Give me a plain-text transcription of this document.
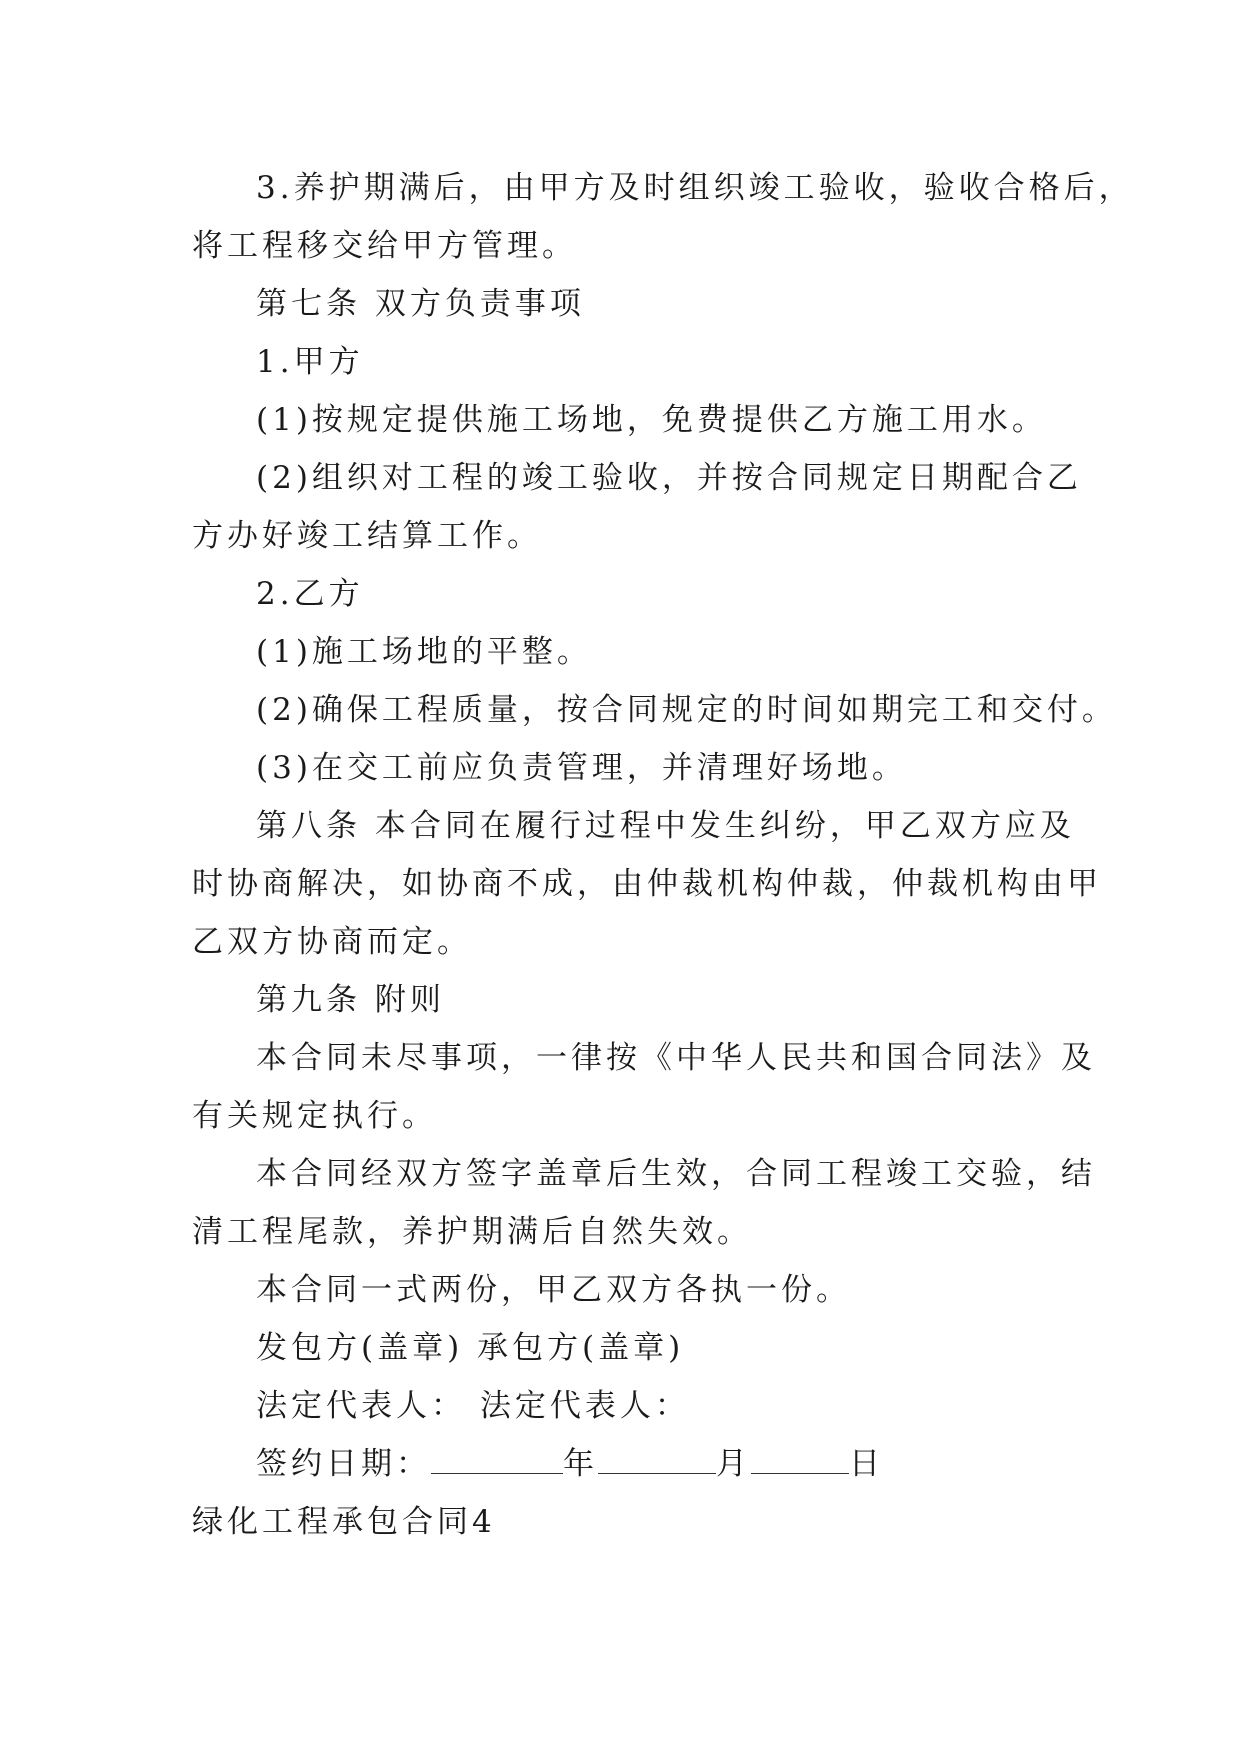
3.养护期满后，由甲方及时组织竣工验收，验收合格后，
将工程移交给甲方管理。
第七条 双方负责事项
1.甲方
(1)按规定提供施工场地，免费提供乙方施工用水。
(2)组织对工程的竣工验收，并按合同规定日期配合乙
方办好竣工结算工作。
2.乙方
(1)施工场地的平整。
(2)确保工程质量，按合同规定的时间如期完工和交付。
(3)在交工前应负责管理，并清理好场地。
第八条 本合同在履行过程中发生纠纷，甲乙双方应及
时协商解决，如协商不成，由仲裁机构仲裁，仲裁机构由甲
乙双方协商而定。
第九条 附则
本合同未尽事项，一律按《中华人民共和国合同法》及
有关规定执行。
本合同经双方签字盖章后生效，合同工程竣工交验，结
清工程尾款，养护期满后自然失效。
本合同一式两份，甲乙双方各执一份。
发包方(盖章) 承包方(盖章)
法定代表人： 法定代表人：
签约日期：	年	月	日
绿化工程承包合同4
